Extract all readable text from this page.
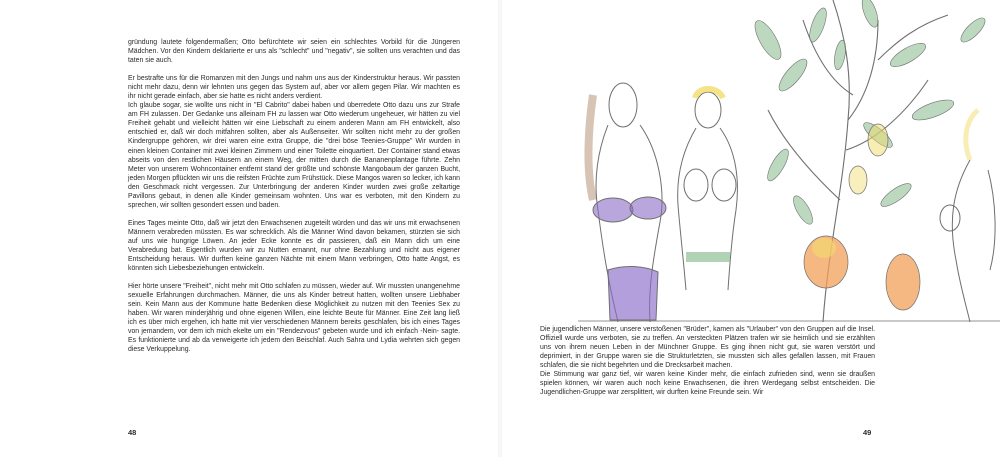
gründung lautete folgendermaßen; Otto befürchtete wir seien ein schlechtes Vorbild für die Jüngeren Mädchen. Vor den Kindern deklarierte er uns als "schlecht" und "negativ", sie sollten uns verachten und das taten sie auch.

Er bestrafte uns für die Romanzen mit den Jungs und nahm uns aus der Kinderstruktur heraus. Wir passten nicht mehr dazu, denn wir lehnten uns gegen das System auf, aber vor allem gegen Pilar. Wir machten es ihr nicht gerade einfach, aber sie hatte es nicht anders verdient.

Ich glaube sogar, sie wollte uns nicht in "El Cabrito" dabei haben und überredete Otto dazu uns zur Strafe am FH zulassen. Der Gedanke uns alleinam FH zu lassen war Otto wiederum ungeheuer, wir hätten zu viel Freiheit gehabt und vielleicht hätten wir eine Liebschaft zu einem anderen Mann am FH entwickelt, also entschied er, daß wir doch mitfahren sollten, aber als Außenseiter. Wir sollten nicht mehr zu der großen Kindergruppe gehören, wir drei waren eine extra Gruppe, die "drei böse Teenies-Gruppe" Wir wurden in einen kleinen Container mit zwei kleinen Zimmern und einer Toilette einquartiert. Der Container stand etwas abseits von den restlichen Häusern an einem Weg, der mitten durch die Bananenplantage führte. Zehn Meter von unserem Wohncontainer entfernt stand der größte und schönste Mangobaum der ganzen Bucht, jeden Morgen pflückten wir uns die reifsten Früchte zum Frühstück. Diese Mangos waren so lecker, ich kann den Geschmack nicht vergessen. Zur Unterbringung der anderen Kinder wurden zwei große zeltartige Pavillons gebaut, in denen alle Kinder gemeinsam wohnten. Uns war es verboten, mit den Kindern zu sprechen, wir sollten gesondert essen und baden.

Eines Tages meinte Otto, daß wir jetzt den Erwachsenen zugeteilt würden und das wir uns mit erwachsenen Männern verabreden müssten. Es war schrecklich. Als die Männer Wind davon bekamen, stürzten sie sich auf uns wie hungrige Löwen. An jeder Ecke konnte es dir passieren, daß ein Mann dich um eine Verabredung bat. Eigentlich wurden wir zu Nutten ernannt, nur ohne Bezahlung und nicht aus eigener Entscheidung heraus. Wir durften keine ganzen Nächte mit einem Mann verbringen, Otto hatte Angst, es könnten sich Liebesbeziehungen entwickeln.

Hier hörte unsere "Freiheit", nicht mehr mit Otto schlafen zu müssen, wieder auf. Wir mussten unangenehme sexuelle Erfahrungen durchmachen. Männer, die uns als Kinder betreut hatten, wollten unsere Liebhaber sein. Kein Mann aus der Kommune hatte Bedenken diese Möglichkeit zu nutzen mit den Teenies Sex zu haben. Wir waren minderjährig und ohne eigenen Willen, eine leichte Beute für Männer. Eine Zeit lang ließ ich es über mich ergehen, ich hatte mit vier verschiedenen Männern bereits geschlafen, bis ich eines Tages von jemandem, vor dem ich mich ekelte um ein "Rendezvous" gebeten wurde und ich einfach -Nein- sagte. Es funktionierte und ab da verweigerte ich jedem den Beischlaf. Auch Sahra und Lydia wehrten sich gegen diese Verkuppelung.

48

Die jugendlichen Männer, unsere verstoßenen "Brüder", kamen als "Urlauber" von den Gruppen auf die Insel. Offiziell wurde uns verboten, sie zu treffen. An versteckten Plätzen trafen wir sie heimlich und sie erzählten uns von ihrem neuen Leben in der Münchner Gruppe. Es ging ihnen nicht gut, sie waren verstört und deprimiert, in der Gruppe waren sie die Strukturletzten, sie mussten sich alles gefallen lassen, mit Frauen schlafen, die sie nicht begehrten und die Drecksarbeit machen.

Die Stimmung war ganz tief, wir waren keine Kinder mehr, die einfach zufrieden sind, wenn sie draußen spielen können, wir waren auch noch keine Erwachsenen, die ihren Werdegang selbst entscheiden. Die Jugendlichen-Gruppe war zersplittert, wir durften keine Freunde sein. Wir

49
